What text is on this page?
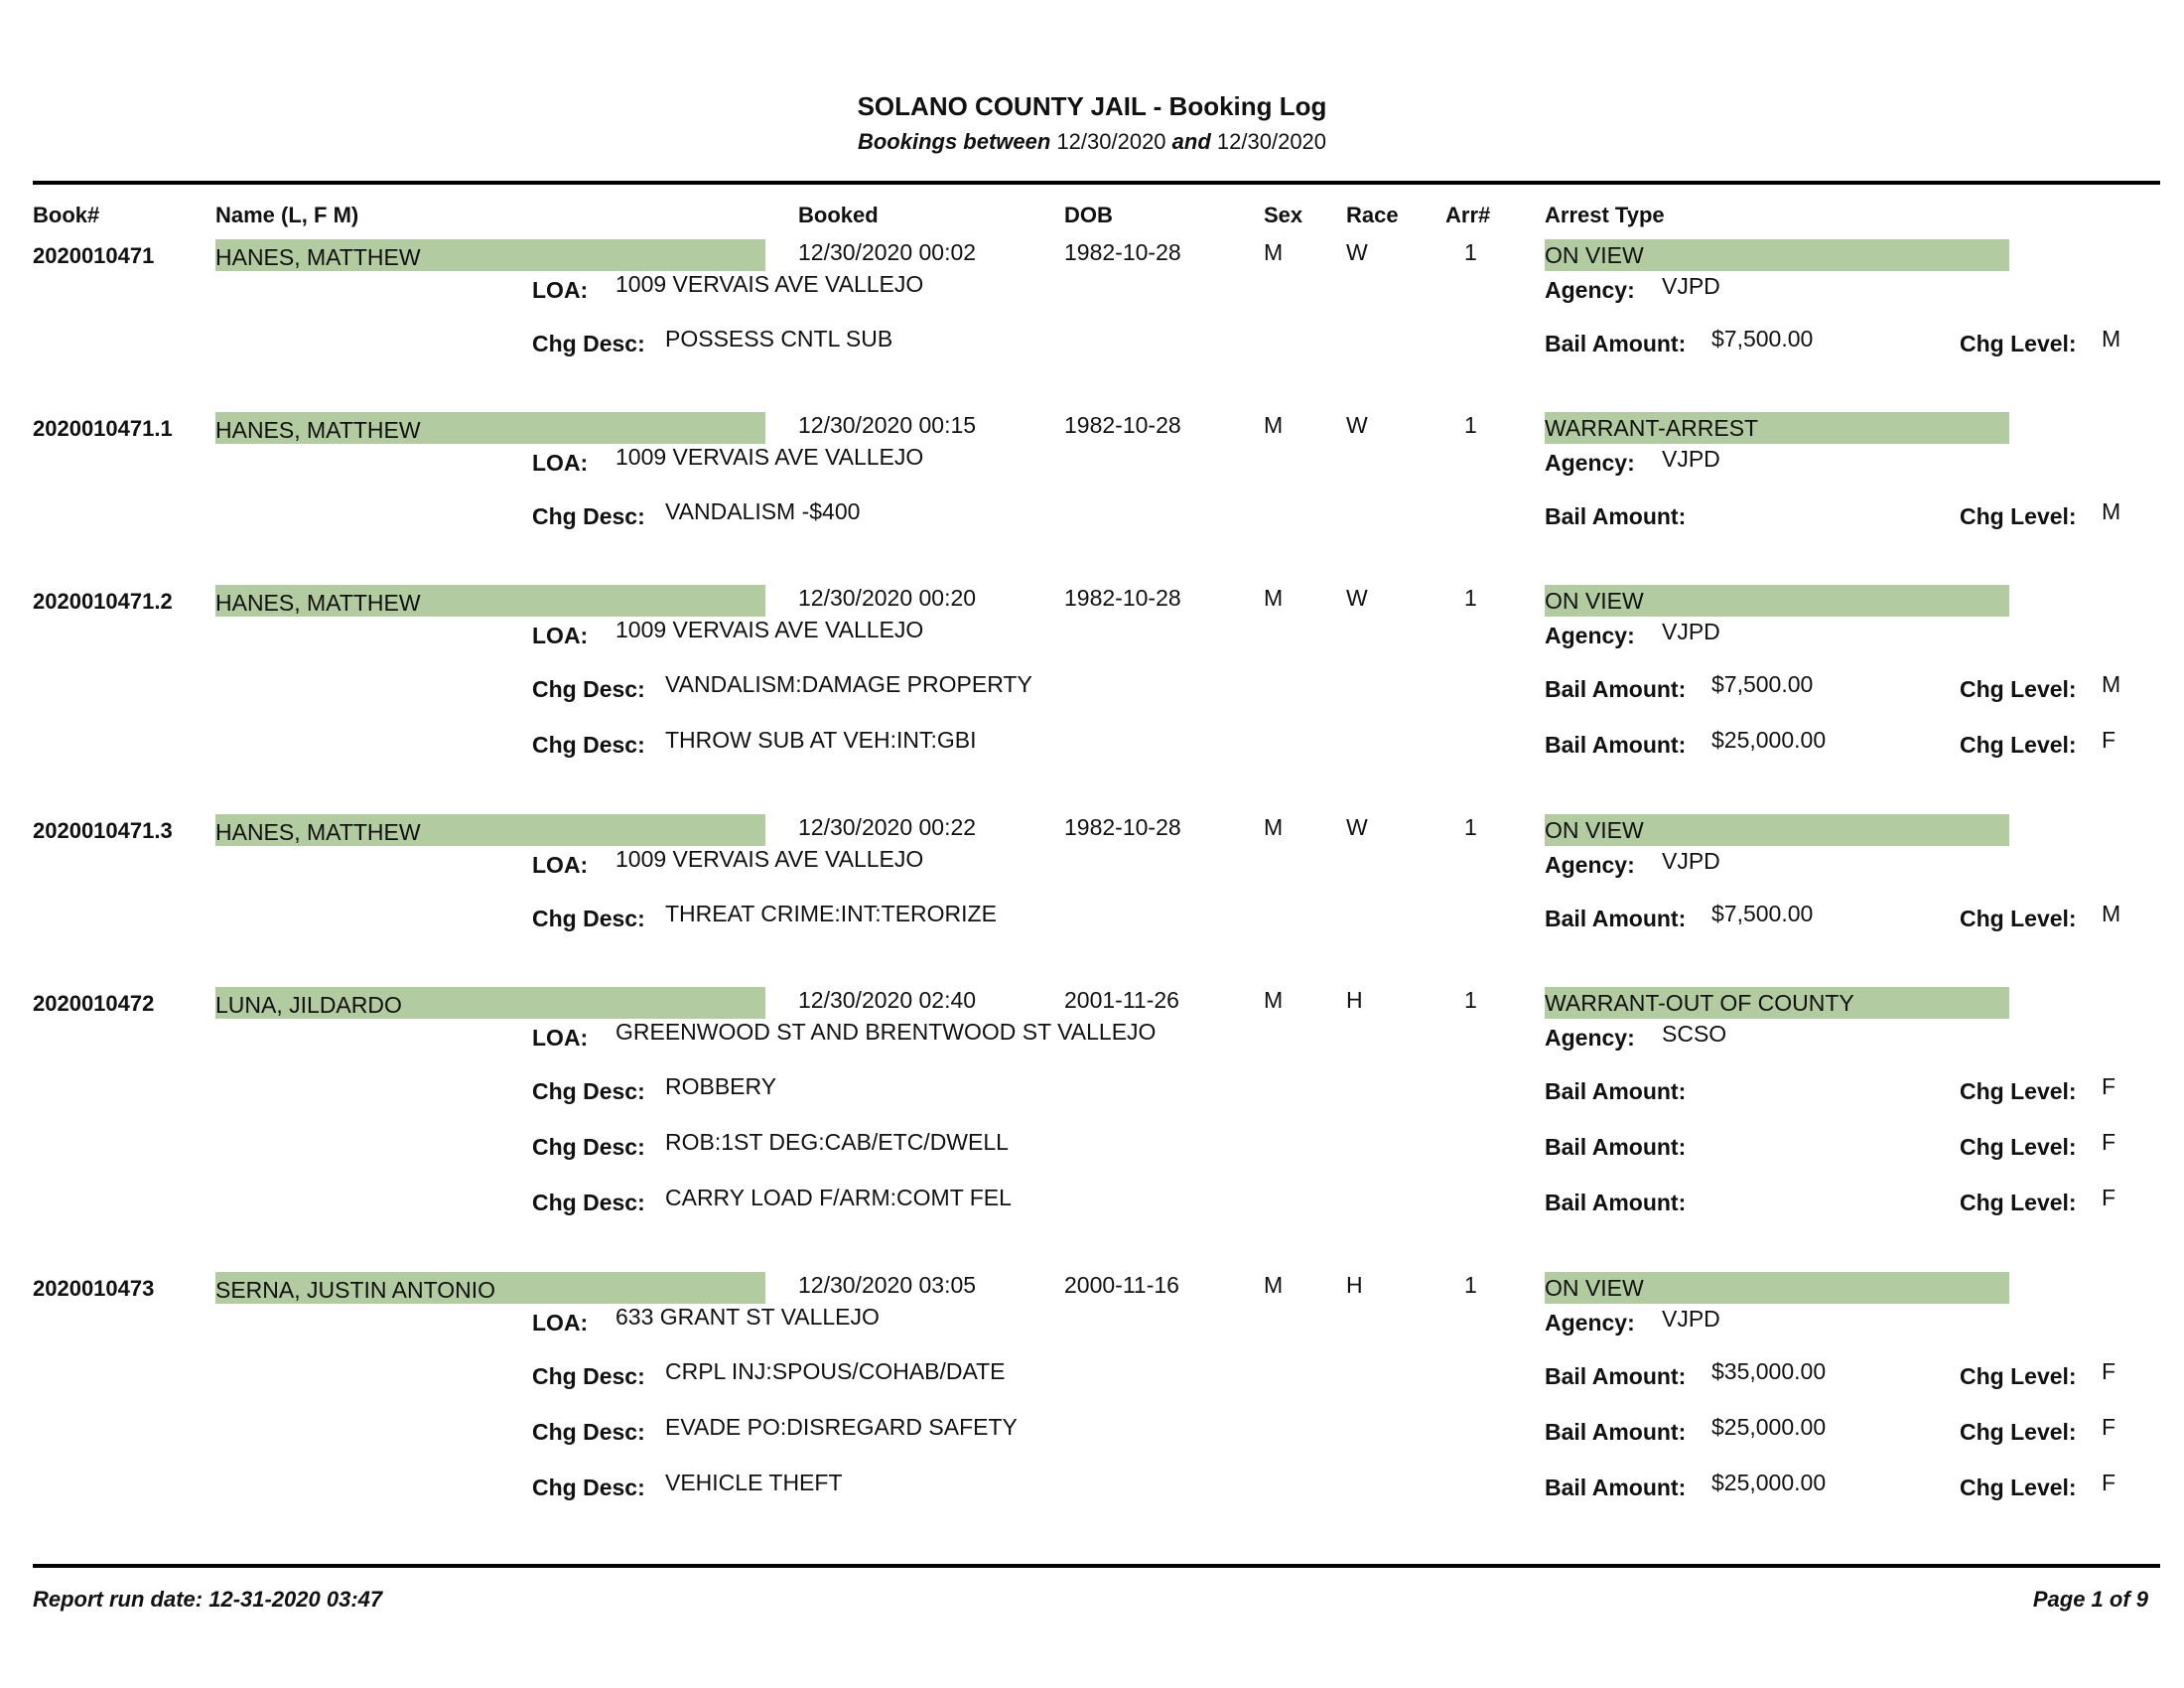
SOLANO COUNTY JAIL - Booking Log
Bookings between 12/30/2020 and 12/30/2020
Book#	Name (L, F M)	Booked	DOB	Sex Race Arr# Arrest Type
2020010471	HANES, MATTHEW	12/30/2020 00:02	1982-10-28	M	W	1	ON VIEW
LOA: 1009 VERVAIS AVE VALLEJO	Agency: VJPD
Chg Desc: POSSESS CNTL SUB	Bail Amount: $7,500.00	Chg Level: M
2020010471.1 HANES, MATTHEW	12/30/2020 00:15	1982-10-28	M	W	1	WARRANT-ARREST
LOA: 1009 VERVAIS AVE VALLEJO	Agency: VJPD
Chg Desc: VANDALISM -$400	Bail Amount:	Chg Level: M
2020010471.2 HANES, MATTHEW	12/30/2020 00:20	1982-10-28	M	W	1	ON VIEW
LOA: 1009 VERVAIS AVE VALLEJO	Agency: VJPD
Chg Desc: VANDALISM:DAMAGE PROPERTY	Bail Amount: $7,500.00	Chg Level: M
Chg Desc: THROW SUB AT VEH:INT:GBI	Bail Amount: $25,000.00	Chg Level: F
2020010471.3 HANES, MATTHEW	12/30/2020 00:22	1982-10-28	M	W	1	ON VIEW
LOA: 1009 VERVAIS AVE VALLEJO	Agency: VJPD
Chg Desc: THREAT CRIME:INT:TERORIZE	Bail Amount: $7,500.00	Chg Level: M
2020010472	LUNA, JILDARDO	12/30/2020 02:40	2001-11-26	M	H	1	WARRANT-OUT OF COUNTY
LOA: GREENWOOD ST AND BRENTWOOD ST VALLEJO	Agency: SCSO
Chg Desc: ROBBERY	Bail Amount:	Chg Level: F
Chg Desc: ROB:1ST DEG:CAB/ETC/DWELL	Bail Amount:	Chg Level: F
Chg Desc: CARRY LOAD F/ARM:COMT FEL	Bail Amount:	Chg Level: F
2020010473	SERNA, JUSTIN ANTONIO	12/30/2020 03:05	2000-11-16	M	H	1	ON VIEW
LOA: 633 GRANT ST VALLEJO	Agency: VJPD
Chg Desc: CRPL INJ:SPOUS/COHAB/DATE	Bail Amount: $35,000.00	Chg Level: F
Chg Desc: EVADE PO:DISREGARD SAFETY	Bail Amount: $25,000.00	Chg Level: F
Chg Desc: VEHICLE THEFT	Bail Amount: $25,000.00	Chg Level: F
Report run date: 12-31-2020 03:47	Page 1 of 9
